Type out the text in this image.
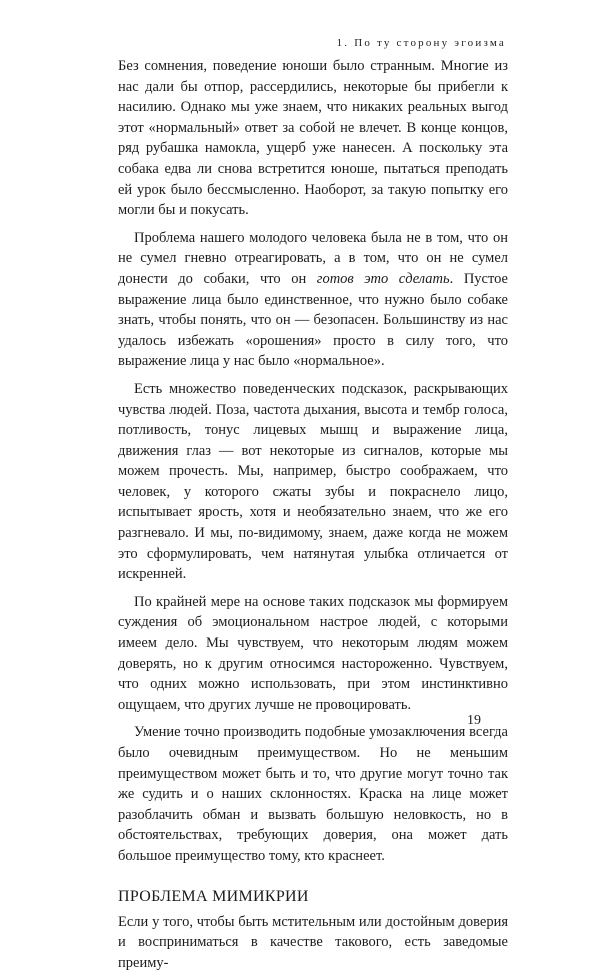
1. По ту сторону эгоизма

Без сомнения, поведение юноши было странным. Многие из нас дали бы отпор, рассердились, некоторые бы прибегли к насилию. Однако мы уже знаем, что никаких реальных выгод этот «нормальный» ответ за собой не влечет. В конце концов, ряд рубашка намокла, ущерб уже нанесен. А поскольку эта собака едва ли снова встретится юноше, пытаться преподать ей урок было бессмысленно. Наоборот, за такую попытку его могли бы и покусать.

Проблема нашего молодого человека была не в том, что он не сумел гневно отреагировать, а в том, что он не сумел донести до собаки, что он готов это сделать. Пустое выражение лица было единственное, что нужно было собаке знать, чтобы понять, что он — безопасен. Большинству из нас удалось избежать «орошения» просто в силу того, что выражение лица у нас было «нормальное».

Есть множество поведенческих подсказок, раскрывающих чувства людей. Поза, частота дыхания, высота и тембр голоса, потливость, тонус лицевых мышц и выражение лица, движения глаз — вот некоторые из сигналов, которые мы можем прочесть. Мы, например, быстро соображаем, что человек, у которого сжаты зубы и покраснело лицо, испытывает ярость, хотя и необязательно знаем, что же его разгневало. И мы, по-видимому, знаем, даже когда не можем это сформулировать, чем натянутая улыбка отличается от искренней.

По крайней мере на основе таких подсказок мы формируем суждения об эмоциональном настрое людей, с которыми имеем дело. Мы чувствуем, что некоторым людям можем доверять, но к другим относимся настороженно. Чувствуем, что одних можно использовать, при этом инстинктивно ощущаем, что других лучше не провоцировать.

Умение точно производить подобные умозаключения всегда было очевидным преимуществом. Но не меньшим преимуществом может быть и то, что другие могут точно так же судить и о наших склонностях. Краска на лице может разоблачить обман и вызвать большую неловкость, но в обстоятельствах, требующих доверия, она может дать большое преимущество тому, кто краснеет.

ПРОБЛЕМА МИМИКРИИ

Если у того, чтобы быть мстительным или достойным доверия и восприниматься в качестве такового, есть заведомые преиму-

19
